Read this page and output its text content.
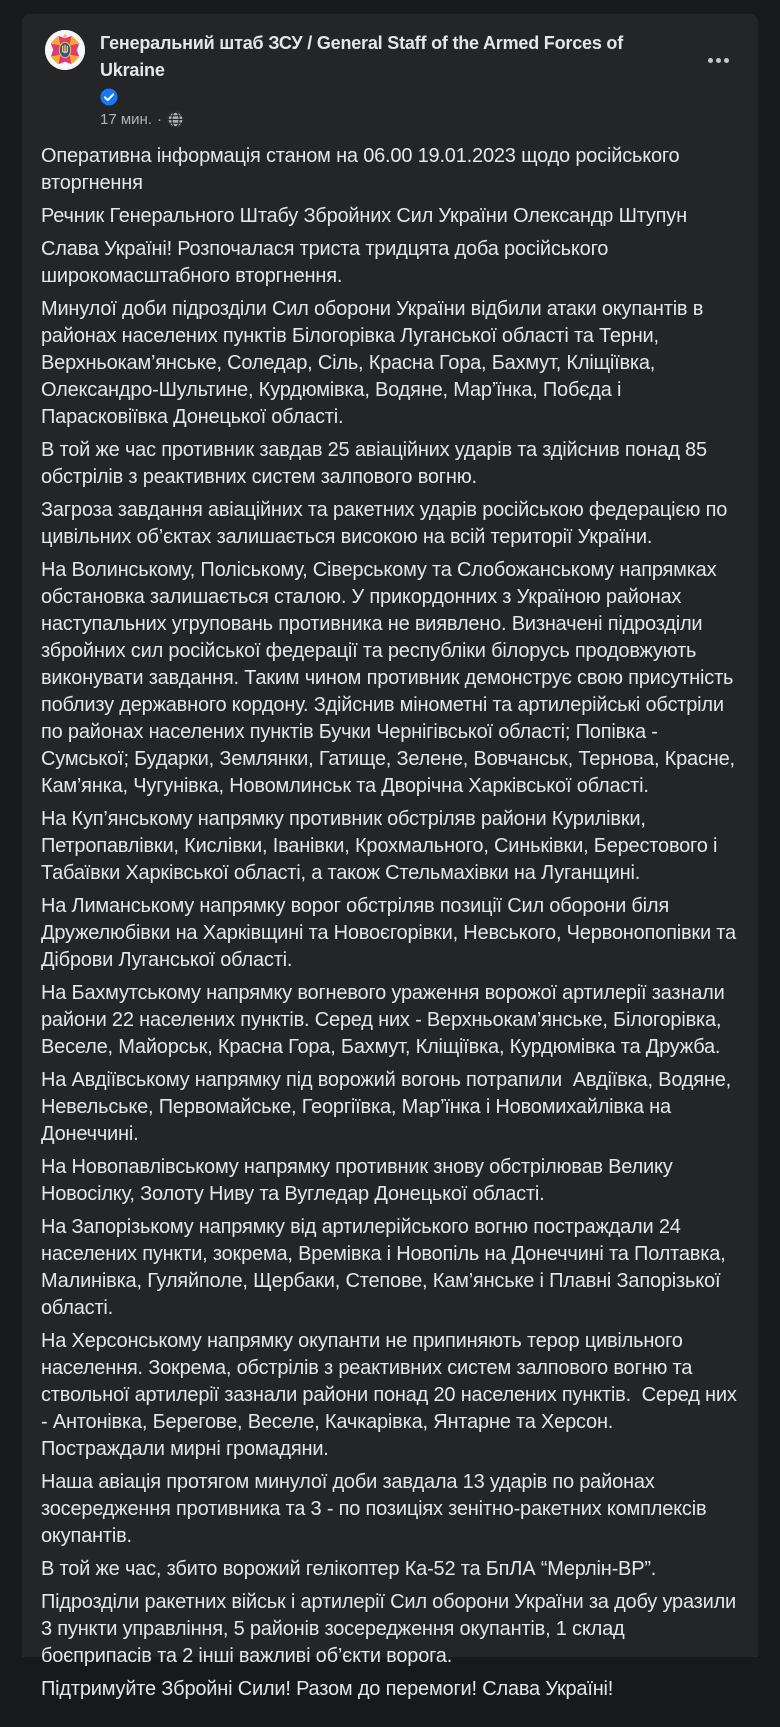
Генеральний штаб ЗСУ / General Staff of the Armed Forces of Ukraine
17 мин. ·

Оперативна інформація станом на 06.00 19.01.2023 щодо російського вторгнення

Речник Генерального Штабу Збройних Сил України Олександр Штупун

Слава Україні! Розпочалася триста тридцята доба російського широкомасштабного вторгнення.

Минулої доби підрозділи Сил оборони України відбили атаки окупантів в районах населених пунктів Білогорівка Луганської області та Терни, Верхньокам’янське, Соледар, Сіль, Красна Гора, Бахмут, Кліщіївка, Олександро-Шультине, Курдюмівка, Водяне, Мар’їнка, Побєда і Парасковіївка Донецької області.

В той же час противник завдав 25 авіаційних ударів та здійснив понад 85 обстрілів з реактивних систем залпового вогню.

Загроза завдання авіаційних та ракетних ударів російською федерацією по цивільних об’єктах залишається високою на всій території України.

На Волинському, Поліському, Сіверському та Слобожанському напрямках обстановка залишається сталою. У прикордонних з Україною районах наступальних угруповань противника не виявлено. Визначені підрозділи збройних сил російської федерації та республіки білорусь продовжують виконувати завдання. Таким чином противник демонструє свою присутність поблизу державного кордону. Здійснив мінометні та артилерійські обстріли по районах населених пунктів Бучки Чернігівської області; Попівка - Сумської; Бударки, Землянки, Гатище, Зелене, Вовчанськ, Тернова, Красне, Кам’янка, Чугунівка, Новомлинськ та Дворічна Харківської області.

На Куп’янському напрямку противник обстріляв райони Курилівки, Петропавлівки, Кислівки, Іванівки, Крохмального, Синьківки, Берестового і Табаївки Харківської області, а також Стельмахівки на Луганщині.

На Лиманському напрямку ворог обстріляв позиції Сил оборони біля Дружелюбівки на Харківщині та Новоєгорівки, Невського, Червонопопівки та Діброви Луганської області.

На Бахмутському напрямку вогневого ураження ворожої артилерії зазнали райони 22 населених пунктів. Серед них - Верхньокам’янське, Білогорівка, Веселе, Майорськ, Красна Гора, Бахмут, Кліщіївка, Курдюмівка та Дружба.

На Авдіївському напрямку під ворожий вогонь потрапили  Авдіївка, Водяне, Невельське, Первомайське, Георгіївка, Мар’їнка і Новомихайлівка на Донеччині.

На Новопавлівському напрямку противник знову обстрілював Велику Новосілку, Золоту Ниву та Вугледар Донецької області.

На Запорізькому напрямку від артилерійського вогню постраждали 24 населених пункти, зокрема, Времівка і Новопіль на Донеччині та Полтавка, Малинівка, Гуляйполе, Щербаки, Степове, Кам’янське і Плавні Запорізької області.

На Херсонському напрямку окупанти не припиняють терор цивільного населення. Зокрема, обстрілів з реактивних систем залпового вогню та ствольної артилерії зазнали райони понад 20 населених пунктів.  Серед них - Антонівка, Берегове, Веселе, Качкарівка, Янтарне та Херсон. Постраждали мирні громадяни.

Наша авіація протягом минулої доби завдала 13 ударів по районах зосередження противника та 3 - по позиціях зенітно-ракетних комплексів окупантів.

В той же час, збито ворожий гелікоптер Ка-52 та БпЛА “Мерлін-ВР”.

Підрозділи ракетних військ і артилерії Сил оборони України за добу уразили 3 пункти управління, 5 районів зосередження окупантів, 1 склад боєприпасів та 2 інші важливі об’єкти ворога.

Підтримуйте Збройні Сили! Разом до перемоги! Слава Україні!
